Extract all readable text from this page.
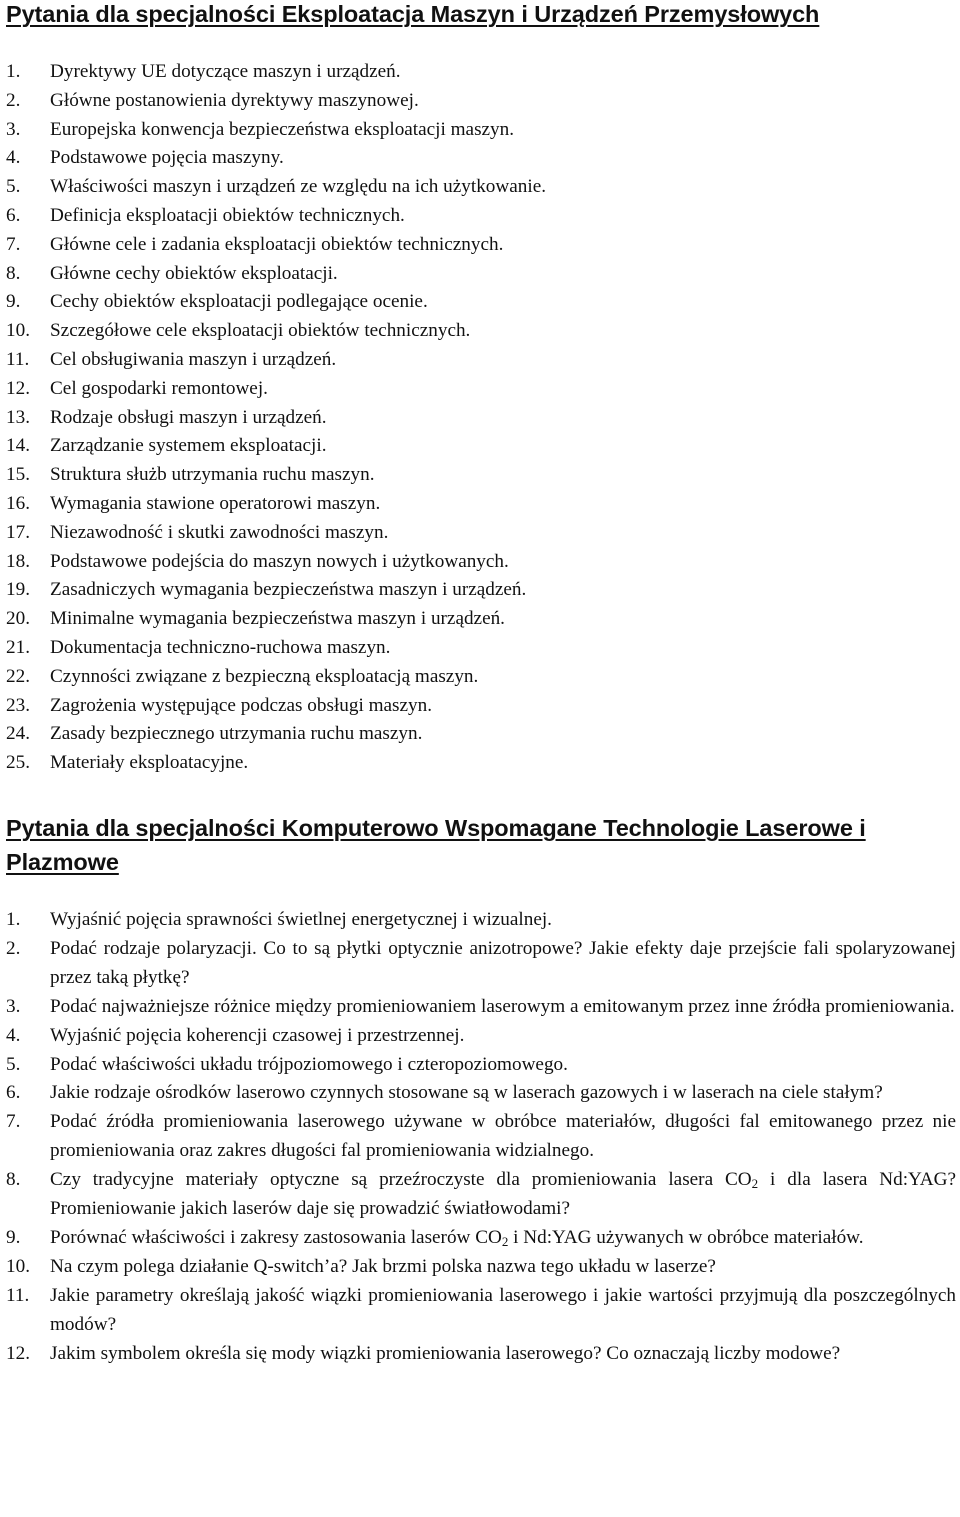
Pytania dla specjalności Eksploatacja Maszyn i Urządzeń Przemysłowych
1.	Dyrektywy UE dotyczące maszyn i urządzeń.
2.	Główne postanowienia dyrektywy maszynowej.
3.	Europejska konwencja bezpieczeństwa eksploatacji maszyn.
4.	Podstawowe pojęcia maszyny.
5.	Właściwości maszyn i urządzeń ze względu na ich użytkowanie.
6.	Definicja eksploatacji obiektów technicznych.
7.	Główne cele i zadania eksploatacji obiektów technicznych.
8.	Główne cechy obiektów eksploatacji.
9.	Cechy obiektów eksploatacji podlegające ocenie.
10.	Szczegółowe cele eksploatacji obiektów technicznych.
11.	Cel obsługiwania maszyn i urządzeń.
12.	Cel gospodarki remontowej.
13.	Rodzaje obsługi maszyn i urządzeń.
14.	Zarządzanie systemem eksploatacji.
15.	Struktura służb utrzymania ruchu maszyn.
16.	Wymagania stawione operatorowi maszyn.
17.	Niezawodność i skutki zawodności maszyn.
18.	Podstawowe podejścia do maszyn nowych i użytkowanych.
19.	Zasadniczych wymagania bezpieczeństwa maszyn i urządzeń.
20.	Minimalne wymagania bezpieczeństwa maszyn i urządzeń.
21.	Dokumentacja techniczno-ruchowa maszyn.
22.	Czynności związane z bezpieczną eksploatacją maszyn.
23.	Zagrożenia występujące podczas obsługi maszyn.
24.	Zasady bezpiecznego utrzymania ruchu maszyn.
25.	Materiały eksploatacyjne.
Pytania dla specjalności Komputerowo Wspomagane Technologie Laserowe i Plazmowe
1.	Wyjaśnić pojęcia sprawności świetlnej energetycznej i wizualnej.
2.	Podać rodzaje polaryzacji. Co to są płytki optycznie anizotropowe? Jakie efekty daje przejście fali spolaryzowanej przez taką płytkę?
3.	Podać najważniejsze różnice między promieniowaniem laserowym a emitowanym przez inne źródła promieniowania.
4.	Wyjaśnić pojęcia koherencji czasowej i przestrzennej.
5.	Podać właściwości układu trójpoziomowego i czteropoziomowego.
6.	Jakie rodzaje ośrodków laserowo czynnych stosowane są w laserach gazowych i w laserach na ciele stałym?
7.	Podać źródła promieniowania laserowego używane w obróbce materiałów, długości fal emitowanego przez nie promieniowania oraz zakres długości fal promieniowania widzialnego.
8.	Czy tradycyjne materiały optyczne są przeźroczyste dla promieniowania lasera $CO_2$ i dla lasera Nd:YAG? Promieniowanie jakich laserów daje się prowadzić światłowodami?
9.	Porównać właściwości i zakresy zastosowania laserów $CO_2$ i Nd:YAG używanych w obróbce materiałów.
10.	Na czym polega działanie Q-switch’a? Jak brzmi polska nazwa tego układu w laserze?
11.	Jakie parametry określają jakość wiązki promieniowania laserowego i jakie wartości przyjmują dla poszczególnych modów?
12.	Jakim symbolem określa się mody wiązki promieniowania laserowego? Co oznaczają liczby modowe?
